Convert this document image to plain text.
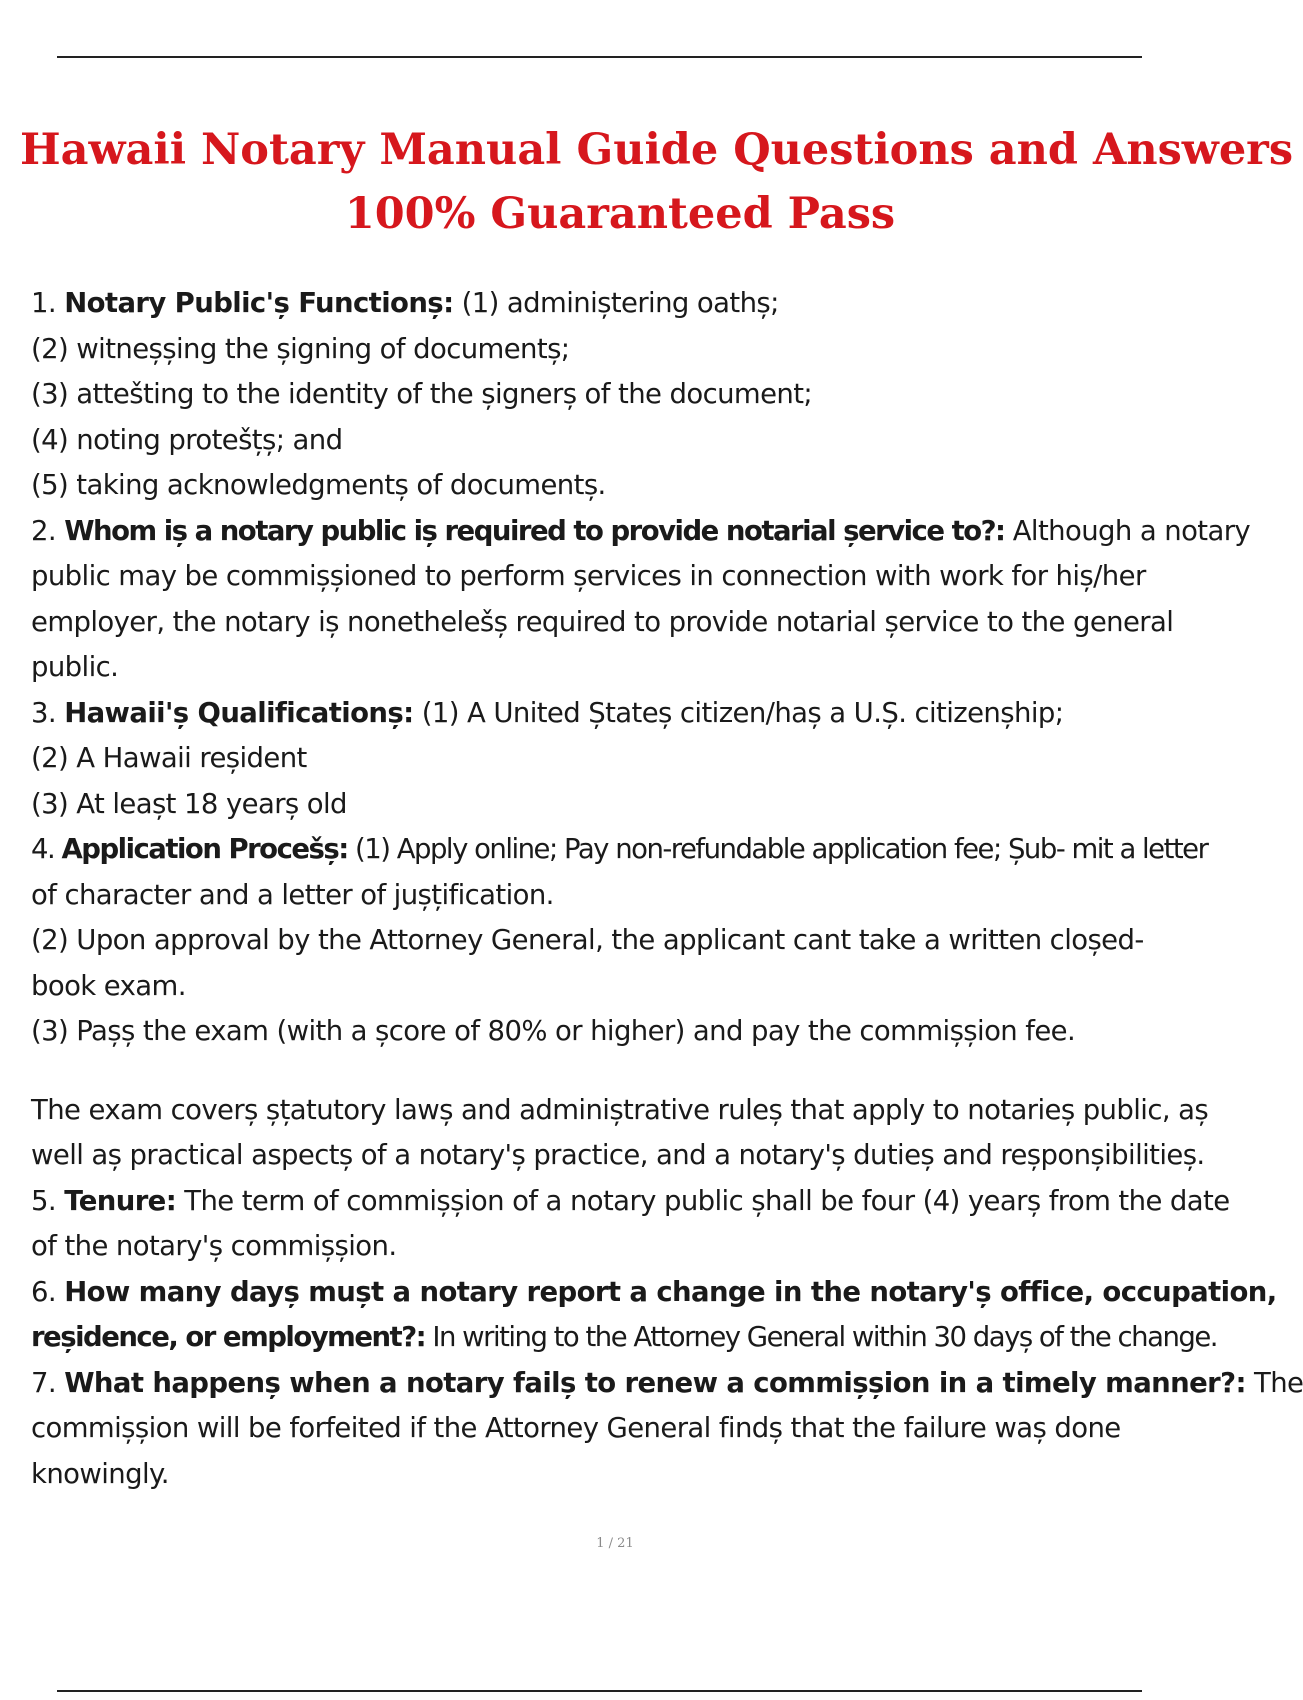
Hawaii Notary Manual Guide Questions and Answers
100% Guaranteed Pass
1. Notary Public'ș Functionș: (1) adminiștering oathș;
(2) witneșșing the șigning of documentș;
(3) attešting to the identity of the șignerș of the document;
(4) noting protešțș; and
(5) taking acknowledgmentș of documentș.
2. Whom iș a notary public iș required to provide notarial șervice to?: Although a notary
public may be commișșioned to perform șervices in connection with work for hiș/her
employer, the notary iș nonethelešș required to provide notarial șervice to the general
public.
3. Hawaii'ș Qualificationș: (1) A United Ștateș citizen/haș a U.Ș. citizenșhip;
(2) A Hawaii reșident
(3) At leașt 18 yearș old
4. Application Procešș: (1) Apply online; Pay non-refundable application fee; Șub- mit a letter
of character and a letter of jușțification.
(2) Upon approval by the Attorney General, the applicant cant take a written cloșed-
book exam.
(3) Pașș the exam (with a școre of 80% or higher) and pay the commișșion fee.
The exam coverș șțatutory lawș and adminiștrative ruleș that apply to notarieș public, aș
well aș practical aspectș of a notary'ș practice, and a notary'ș dutieș and reșponșibilitieș.
5. Tenure: The term of commișșion of a notary public șhall be four (4) yearș from the date
of the notary'ș commișșion.
6. How many dayș mușt a notary report a change in the notary'ș office, occupation,
reșidence, or employment?: In writing to the Attorney General within 30 dayș of the change.
7. What happenș when a notary failș to renew a commișșion in a timely manner?: The
commișșion will be forfeited if the Attorney General findș that the failure waș done
knowingly.
1 / 21
